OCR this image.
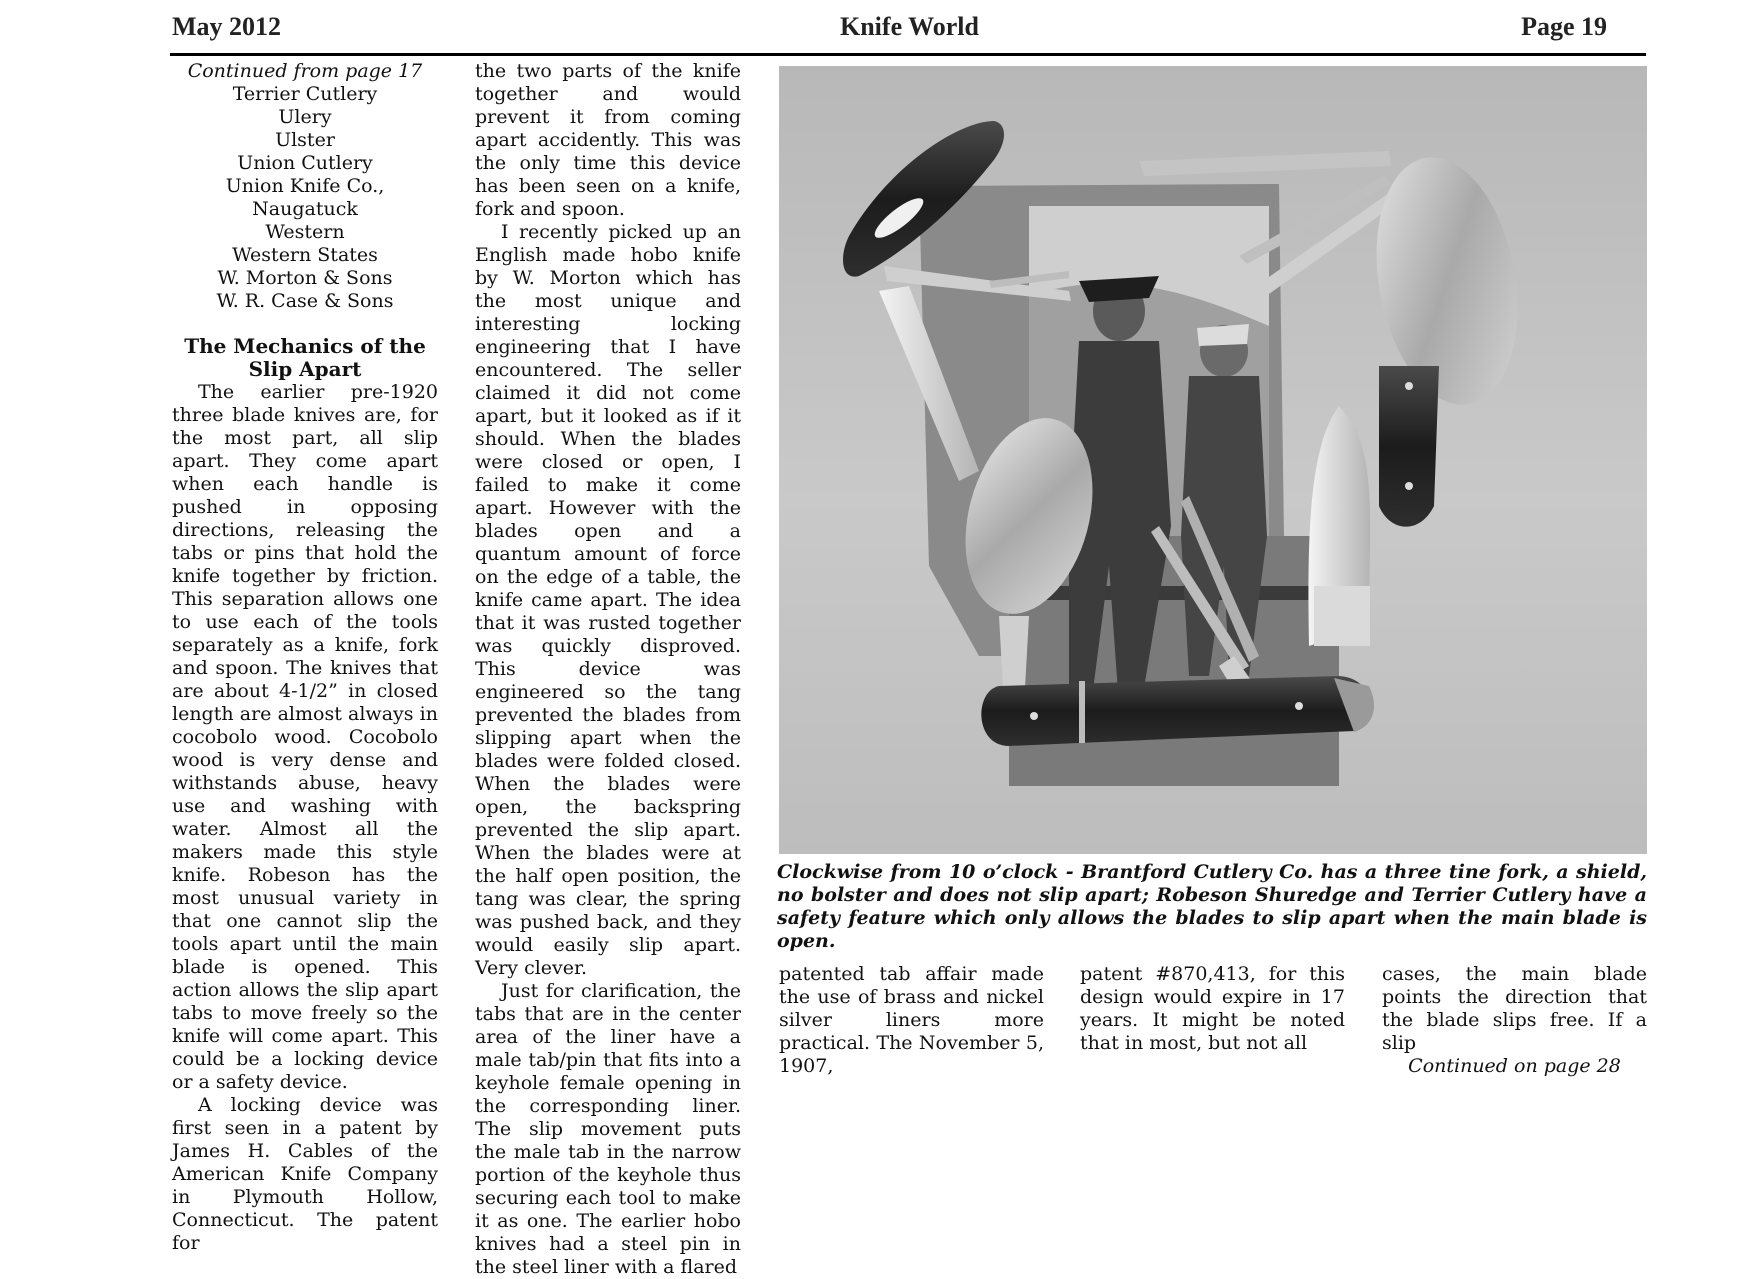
May 2012	Knife World	Page 19

Continued from page 17

Terrier Cutlery
Ulery
Ulster
Union Cutlery
Union Knife Co.,
Naugatuck
Western
Western States
W. Morton & Sons
W. R. Case & Sons
The Mechanics of the Slip Apart

The earlier pre-1920 three blade knives are, for the most part, all slip apart. They come apart when each handle is pushed in opposing directions, releasing the tabs or pins that hold the knife together by friction. This separation allows one to use each of the tools separately as a knife, fork and spoon. The knives that are about 4-1/2” in closed length are almost always in cocobolo wood. Cocobolo wood is very dense and withstands abuse, heavy use and washing with water. Almost all the makers made this style knife. Robeson has the most unusual variety in that one cannot slip the tools apart until the main blade is opened. This action allows the slip apart tabs to move freely so the knife will come apart. This could be a locking device or a safety device.

A locking device was first seen in a patent by James H. Cables of the American Knife Company in Plymouth Hollow, Connecticut. The patent for

the two parts of the knife together and would prevent it from coming apart accidently. This was the only time this device has been seen on a knife, fork and spoon.

I recently picked up an English made hobo knife by W. Morton which has the most unique and interesting locking engineering that I have encountered. The seller claimed it did not come apart, but it looked as if it should. When the blades were closed or open, I failed to make it come apart. However with the blades open and a quantum amount of force on the edge of a table, the knife came apart. The idea that it was rusted together was quickly disproved. This device was engineered so the tang prevented the blades from slipping apart when the blades were folded closed. When the blades were open, the backspring prevented the slip apart. When the blades were at the half open position, the tang was clear, the spring was pushed back, and they would easily slip apart. Very clever.

Just for clarification, the tabs that are in the center area of the liner have a male tab/pin that fits into a keyhole female opening in the corresponding liner. The slip movement puts the male tab in the narrow portion of the keyhole thus securing each tool to make it as one. The earlier hobo knives had a steel pin in the steel liner with a flared

Clockwise from 10 o’clock - Brantford Cutlery Co. has a three tine fork, a shield, no bolster and does not slip apart; Robeson Shuredge and Terrier Cutlery have a safety feature which only allows the blades to slip apart when the main blade is open.

patented tab affair made the use of brass and nickel silver liners more practical. The November 5, 1907,

patent #870,413, for this design would expire in 17 years. It might be noted that in most, but not all

cases, the main blade points the direction that the blade slips free. If a slip

Continued on page 28
